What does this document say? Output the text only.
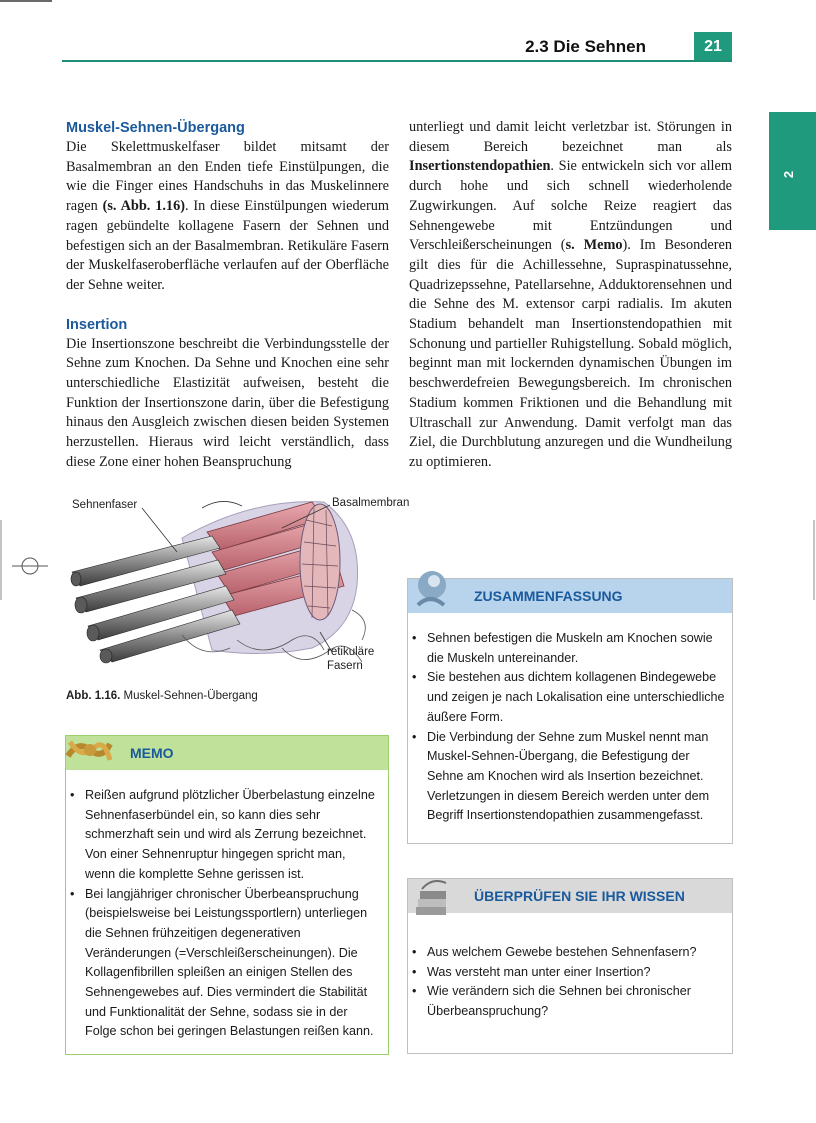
2.3 Die Sehnen	21
2
Muskel-Sehnen-Übergang

Die Skelettmuskelfaser bildet mitsamt der Basalmembran an den Enden tiefe Einstülpungen, die wie die Finger eines Handschuhs in das Muskelinnere ragen (s. Abb. 1.16). In diese Einstülpungen wiederum ragen gebündelte kollagene Fasern der Sehnen und befestigen sich an der Basalmembran. Retikuläre Fasern der Muskelfaseroberfläche verlaufen auf der Oberfläche der Sehne weiter.

Insertion

Die Insertionszone beschreibt die Verbindungsstelle der Sehne zum Knochen. Da Sehne und Knochen eine sehr unterschiedliche Elastizität aufweisen, besteht die Funktion der Insertionszone darin, über die Befestigung hinaus den Ausgleich zwischen diesen beiden Systemen herzustellen. Hieraus wird leicht verständlich, dass diese Zone einer hohen Beanspruchung

unterliegt und damit leicht verletzbar ist. Störungen in diesem Bereich bezeichnet man als Insertionstendopathien. Sie entwickeln sich vor allem durch hohe und sich schnell wiederholende Zugwirkungen. Auf solche Reize reagiert das Sehnengewebe mit Entzündungen und Verschleißerscheinungen (s. Memo). Im Besonderen gilt dies für die Achillessehne, Supraspinatussehne, Quadrizepssehne, Patellarsehne, Adduktorensehnen und die Sehne des M. extensor carpi radialis. Im akuten Stadium behandelt man Insertionstendopathien mit Schonung und partieller Ruhigstellung. Sobald möglich, beginnt man mit lockernden dynamischen Übungen im beschwerdefreien Bewegungsbereich. Im chronischen Stadium kommen Friktionen und die Behandlung mit Ultraschall zur Anwendung. Damit verfolgt man das Ziel, die Durchblutung anzuregen und die Wundheilung zu optimieren.

Sehnenfaser	Basalmembran
retikuläre
Fasern
Abb. 1.16. Muskel-Sehnen-Übergang
MEMO
• Reißen aufgrund plötzlicher Überbelastung einzelne Sehnenfaserbündel ein, so kann dies sehr schmerzhaft sein und wird als Zerrung bezeichnet.
Von einer Sehnenruptur hingegen spricht man, wenn die komplette Sehne gerissen ist.
• Bei langjähriger chronischer Überbeanspruchung (beispielsweise bei Leistungssportlern) unterliegen die Sehnen frühzeitigen degenerativen Veränderungen (=Verschleißerscheinungen). Die Kollagenfibrillen spleißen an einigen Stellen des Sehnengewebes auf. Dies vermindert die Stabilität und Funktionalität der Sehne, sodass sie in der Folge schon bei geringen Belastungen reißen kann.
ZUSAMMENFASSUNG
• Sehnen befestigen die Muskeln am Knochen sowie die Muskeln untereinander.
• Sie bestehen aus dichtem kollagenen Bindegewebe und zeigen je nach Lokalisation eine unterschiedliche äußere Form.
• Die Verbindung der Sehne zum Muskel nennt man Muskel-Sehnen-Übergang, die Befestigung der Sehne am Knochen wird als Insertion bezeichnet. Verletzungen in diesem Bereich werden unter dem Begriff Insertionstendopathien zusammengefasst.
ÜBERPRÜFEN SIE IHR WISSEN
• Aus welchem Gewebe bestehen Sehnenfasern?
• Was versteht man unter einer Insertion?
• Wie verändern sich die Sehnen bei chronischer Überbeanspruchung?
